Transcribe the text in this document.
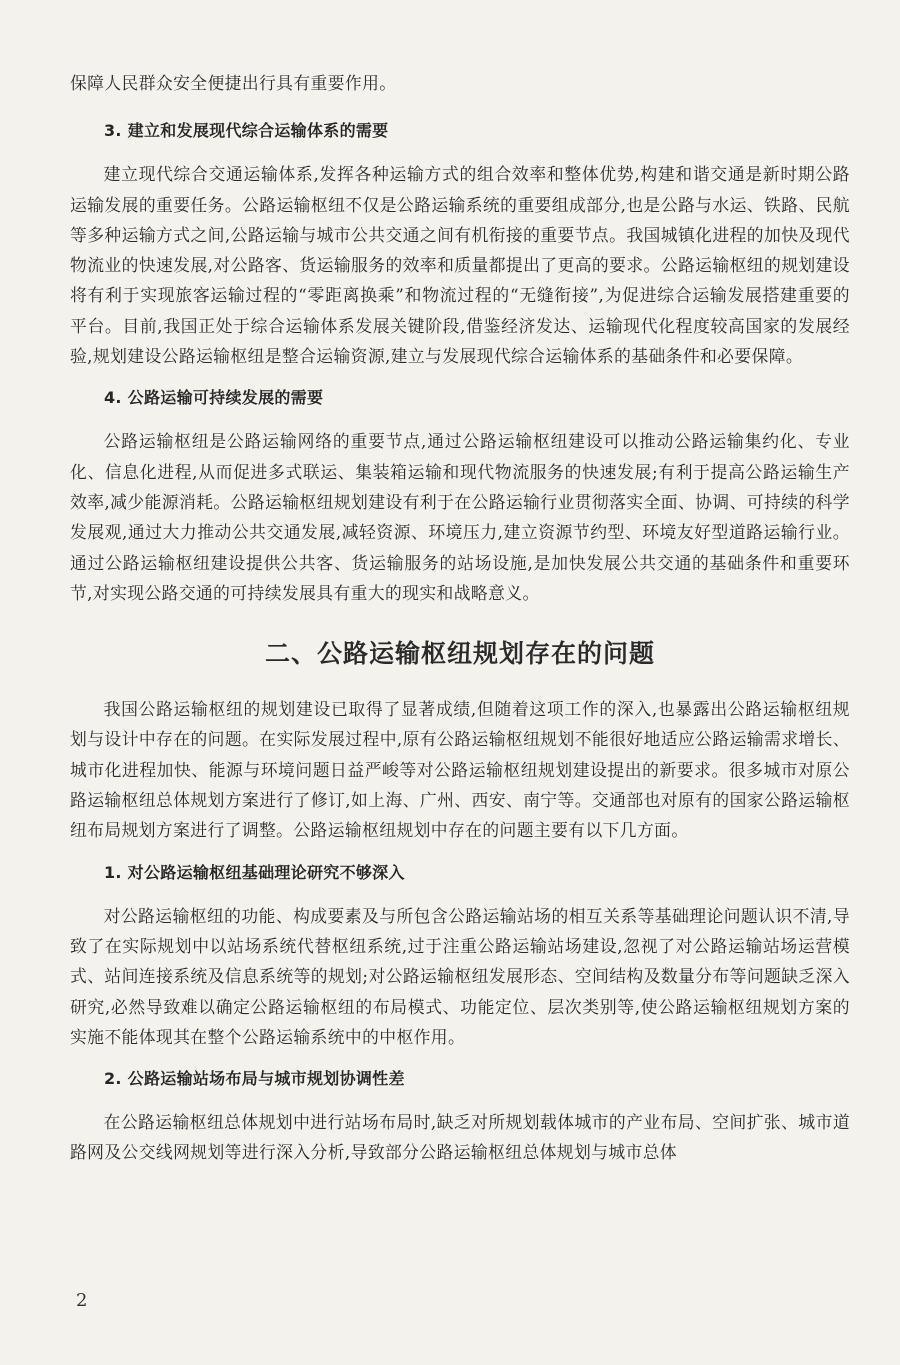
保障人民群众安全便捷出行具有重要作用。

3. 建立和发展现代综合运输体系的需要

建立现代综合交通运输体系,发挥各种运输方式的组合效率和整体优势,构建和谐交通是新时期公路运输发展的重要任务。公路运输枢纽不仅是公路运输系统的重要组成部分,也是公路与水运、铁路、民航等多种运输方式之间,公路运输与城市公共交通之间有机衔接的重要节点。我国城镇化进程的加快及现代物流业的快速发展,对公路客、货运输服务的效率和质量都提出了更高的要求。公路运输枢纽的规划建设将有利于实现旅客运输过程的“零距离换乘”和物流过程的“无缝衔接”,为促进综合运输发展搭建重要的平台。目前,我国正处于综合运输体系发展关键阶段,借鉴经济发达、运输现代化程度较高国家的发展经验,规划建设公路运输枢纽是整合运输资源,建立与发展现代综合运输体系的基础条件和必要保障。

4. 公路运输可持续发展的需要

公路运输枢纽是公路运输网络的重要节点,通过公路运输枢纽建设可以推动公路运输集约化、专业化、信息化进程,从而促进多式联运、集装箱运输和现代物流服务的快速发展;有利于提高公路运输生产效率,减少能源消耗。公路运输枢纽规划建设有利于在公路运输行业贯彻落实全面、协调、可持续的科学发展观,通过大力推动公共交通发展,减轻资源、环境压力,建立资源节约型、环境友好型道路运输行业。通过公路运输枢纽建设提供公共客、货运输服务的站场设施,是加快发展公共交通的基础条件和重要环节,对实现公路交通的可持续发展具有重大的现实和战略意义。

二、公路运输枢纽规划存在的问题

我国公路运输枢纽的规划建设已取得了显著成绩,但随着这项工作的深入,也暴露出公路运输枢纽规划与设计中存在的问题。在实际发展过程中,原有公路运输枢纽规划不能很好地适应公路运输需求增长、城市化进程加快、能源与环境问题日益严峻等对公路运输枢纽规划建设提出的新要求。很多城市对原公路运输枢纽总体规划方案进行了修订,如上海、广州、西安、南宁等。交通部也对原有的国家公路运输枢纽布局规划方案进行了调整。公路运输枢纽规划中存在的问题主要有以下几方面。

1. 对公路运输枢纽基础理论研究不够深入

对公路运输枢纽的功能、构成要素及与所包含公路运输站场的相互关系等基础理论问题认识不清,导致了在实际规划中以站场系统代替枢纽系统,过于注重公路运输站场建设,忽视了对公路运输站场运营模式、站间连接系统及信息系统等的规划;对公路运输枢纽发展形态、空间结构及数量分布等问题缺乏深入研究,必然导致难以确定公路运输枢纽的布局模式、功能定位、层次类别等,使公路运输枢纽规划方案的实施不能体现其在整个公路运输系统中的中枢作用。

2. 公路运输站场布局与城市规划协调性差

在公路运输枢纽总体规划中进行站场布局时,缺乏对所规划载体城市的产业布局、空间扩张、城市道路网及公交线网规划等进行深入分析,导致部分公路运输枢纽总体规划与城市总体

2
